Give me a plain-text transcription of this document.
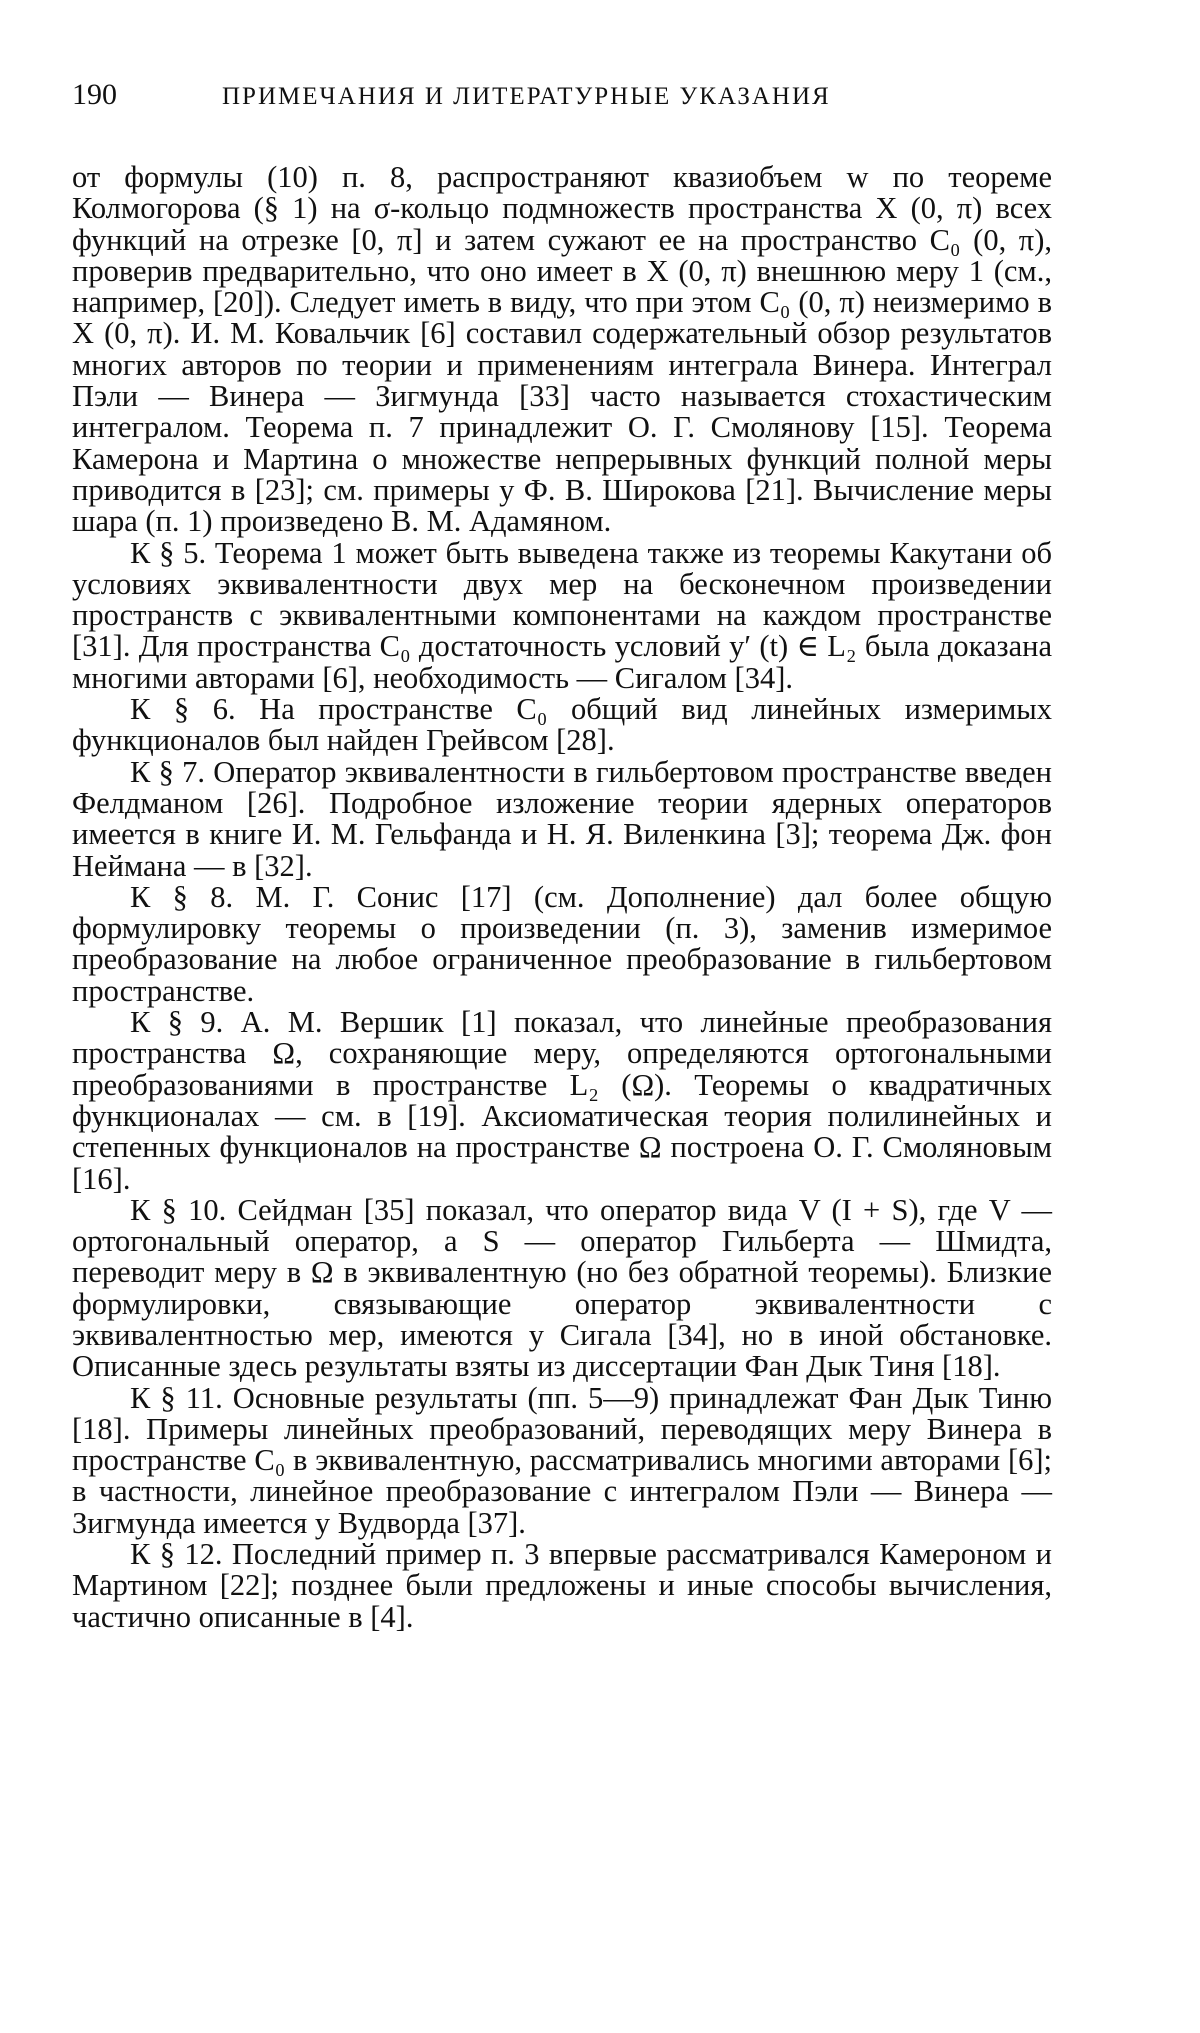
190	ПРИМЕЧАНИЯ И ЛИТЕРАТУРНЫЕ УКАЗАНИЯ

от формулы (10) п. 8, распространяют квазиобъем w по теореме Колмогорова (§ 1) на σ-кольцо подмножеств пространства X (0, π) всех функций на отрезке [0, π] и затем сужают ее на пространство C₀ (0, π), проверив предварительно, что оно имеет в X (0, π) внешнюю меру 1 (см., например, [20]). Следует иметь в виду, что при этом C₀ (0, π) неизмеримо в X (0, π). И. М. Ковальчик [6] составил содержательный обзор результатов многих авторов по теории и применениям интеграла Винера. Интеграл Пэли — Винера — Зигмунда [33] часто называется стохастическим интегралом. Теорема п. 7 принадлежит О. Г. Смолянову [15]. Теорема Камерона и Мартина о множестве непрерывных функций полной меры приводится в [23]; см. примеры у Ф. В. Широкова [21]. Вычисление меры шара (п. 1) произведено В. М. Адамяном.

К § 5. Теорема 1 может быть выведена также из теоремы Какутани об условиях эквивалентности двух мер на бесконечном произведении пространств с эквивалентными компонентами на каждом пространстве [31]. Для пространства C₀ достаточность условий y′ (t) ∈ L₂ была доказана многими авторами [6], необходимость — Сигалом [34].

К § 6. На пространстве C₀ общий вид линейных измеримых функционалов был найден Грейвсом [28].

К § 7. Оператор эквивалентности в гильбертовом пространстве введен Фелдманом [26]. Подробное изложение теории ядерных операторов имеется в книге И. М. Гельфанда и Н. Я. Виленкина [3]; теорема Дж. фон Неймана — в [32].

К § 8. М. Г. Сонис [17] (см. Дополнение) дал более общую формулировку теоремы о произведении (п. 3), заменив измеримое преобразование на любое ограниченное преобразование в гильбертовом пространстве.

К § 9. А. М. Вершик [1] показал, что линейные преобразования пространства Ω, сохраняющие меру, определяются ортогональными преобразованиями в пространстве L₂ (Ω). Теоремы о квадратичных функционалах — см. в [19]. Аксиоматическая теория полилинейных и степенных функционалов на пространстве Ω построена О. Г. Смоляновым [16].

К § 10. Сейдман [35] показал, что оператор вида V (I + S), где V — ортогональный оператор, а S — оператор Гильберта — Шмидта, переводит меру в Ω в эквивалентную (но без обратной теоремы). Близкие формулировки, связывающие оператор эквивалентности с эквивалентностью мер, имеются у Сигала [34], но в иной обстановке. Описанные здесь результаты взяты из диссертации Фан Дык Тиня [18].

К § 11. Основные результаты (пп. 5—9) принадлежат Фан Дык Тиню [18]. Примеры линейных преобразований, переводящих меру Винера в пространстве C₀ в эквивалентную, рассматривались многими авторами [6]; в частности, линейное преобразование с интегралом Пэли — Винера — Зигмунда имеется у Вудворда [37].

К § 12. Последний пример п. 3 впервые рассматривался Камероном и Мартином [22]; позднее были предложены и иные способы вычисления, частично описанные в [4].
